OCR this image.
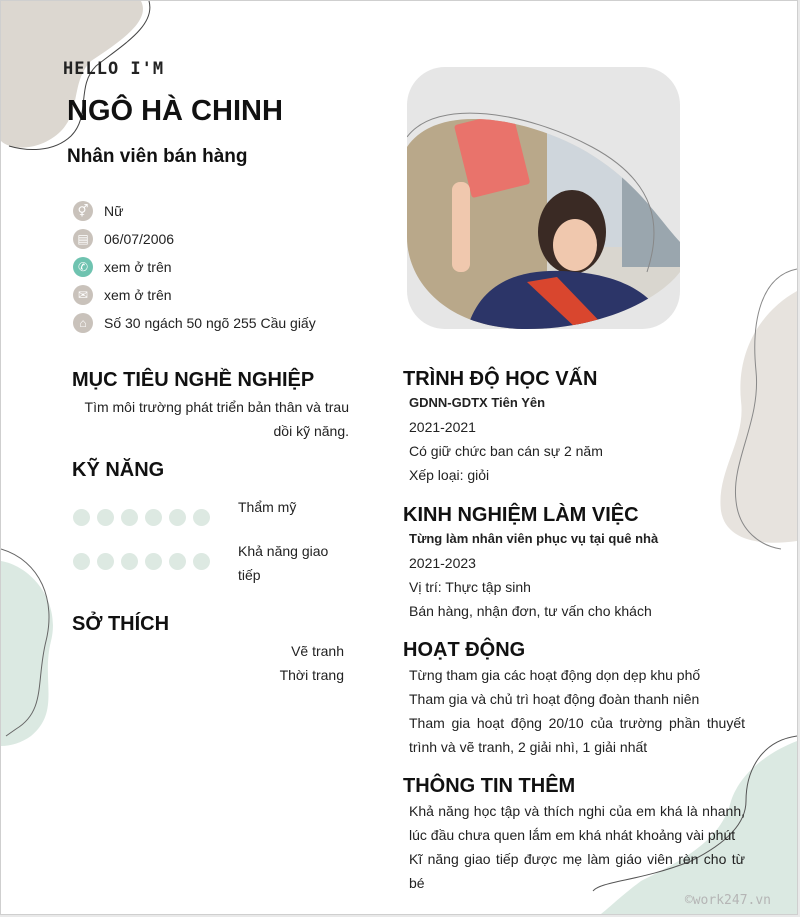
HELLO I'M
NGÔ HÀ CHINH
Nhân viên bán hàng
⚥	Nữ
▤	06/07/2006
✆	xem ở trên
✉	xem ở trên
⌂	Số 30 ngách 50 ngõ 255 Cầu giấy
MỤC TIÊU NGHỀ NGHIỆP
Tìm môi trường phát triển bản thân và trau dồi kỹ năng.
KỸ NĂNG
Thẩm mỹ
Khả năng giao
tiếp
SỞ THÍCH
Vẽ tranh
Thời trang
TRÌNH ĐỘ HỌC VẤN
GDNN-GDTX Tiên Yên
2021-2021
Có giữ chức ban cán sự 2 năm
Xếp loại: giỏi
KINH NGHIỆM LÀM VIỆC
Từng làm nhân viên phục vụ tại quê nhà
2021-2023
Vị trí: Thực tập sinh
Bán hàng, nhận đơn, tư vấn cho khách
HOẠT ĐỘNG
Từng tham gia các hoạt động dọn dẹp khu phố
Tham gia và chủ trì hoạt động đoàn thanh niên
Tham gia hoạt động 20/10 của trường phần thuyết trình và vẽ tranh, 2 giải nhì, 1 giải nhất
THÔNG TIN THÊM
Khả năng học tập và thích nghi của em khá là nhanh, lúc đầu chưa quen lắm em khá nhát khoảng vài phút
Kĩ năng giao tiếp được mẹ làm giáo viên rèn cho từ bé
©work247.vn
